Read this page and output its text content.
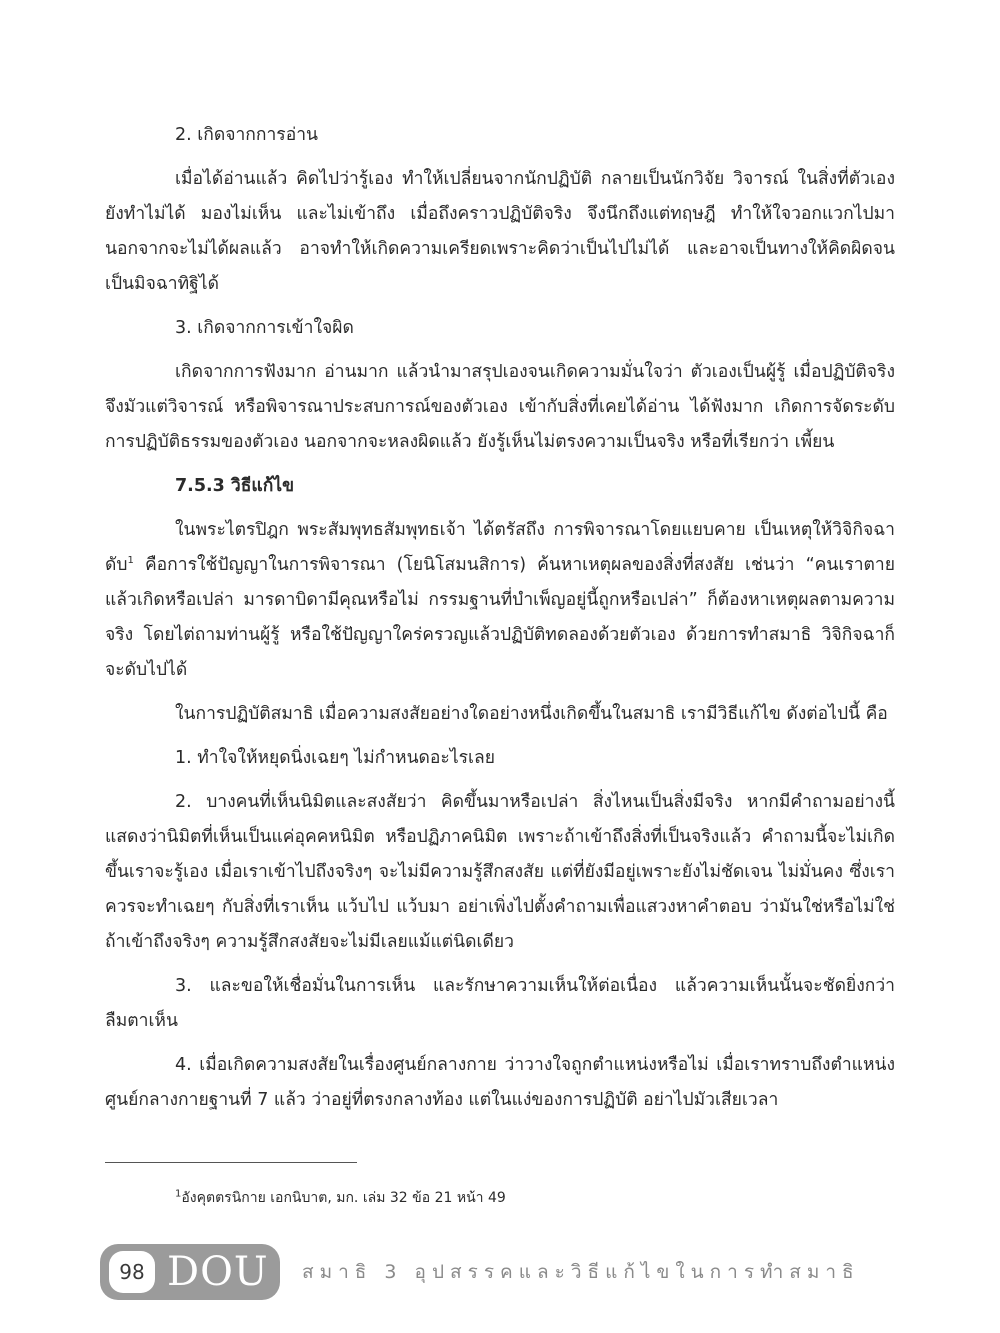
2. เกิดจากการอ่าน

เมื่อได้อ่านแล้ว คิดไปว่ารู้เอง ทำให้เปลี่ยนจากนักปฏิบัติ กลายเป็นนักวิจัย วิจารณ์ ในสิ่งที่ตัวเองยังทำไม่ได้ มองไม่เห็น และไม่เข้าถึง เมื่อถึงคราวปฏิบัติจริง จึงนึกถึงแต่ทฤษฎี ทำให้ใจวอกแวกไปมา นอกจากจะไม่ได้ผลแล้ว อาจทำให้เกิดความเครียดเพราะคิดว่าเป็นไปไม่ได้ และอาจเป็นทางให้คิดผิดจนเป็นมิจฉาทิฐิได้

3. เกิดจากการเข้าใจผิด

เกิดจากการฟังมาก อ่านมาก แล้วนำมาสรุปเองจนเกิดความมั่นใจว่า ตัวเองเป็นผู้รู้ เมื่อปฏิบัติจริงจึงมัวแต่วิจารณ์ หรือพิจารณาประสบการณ์ของตัวเอง เข้ากับสิ่งที่เคยได้อ่าน ได้ฟังมาก เกิดการจัดระดับการปฏิบัติธรรมของตัวเอง นอกจากจะหลงผิดแล้ว ยังรู้เห็นไม่ตรงความเป็นจริง หรือที่เรียกว่า เพี้ยน

7.5.3 วิธีแก้ไข

ในพระไตรปิฎก พระสัมพุทธสัมพุทธเจ้า ได้ตรัสถึง การพิจารณาโดยแยบคาย เป็นเหตุให้วิจิกิจฉาดับ$^1$ คือการใช้ปัญญาในการพิจารณา (โยนิโสมนสิการ) ค้นหาเหตุผลของสิ่งที่สงสัย เช่นว่า “คนเราตายแล้วเกิดหรือเปล่า มารดาบิดามีคุณหรือไม่ กรรมฐานที่บำเพ็ญอยู่นี้ถูกหรือเปล่า” ก็ต้องหาเหตุผลตามความจริง โดยไต่ถามท่านผู้รู้ หรือใช้ปัญญาใคร่ครวญแล้วปฏิบัติทดลองด้วยตัวเอง ด้วยการทำสมาธิ วิจิกิจฉาก็จะดับไปได้

ในการปฏิบัติสมาธิ เมื่อความสงสัยอย่างใดอย่างหนึ่งเกิดขึ้นในสมาธิ เรามีวิธีแก้ไข ดังต่อไปนี้ คือ

1. ทำใจให้หยุดนิ่งเฉยๆ ไม่กำหนดอะไรเลย

2. บางคนที่เห็นนิมิตและสงสัยว่า คิดขึ้นมาหรือเปล่า สิ่งไหนเป็นสิ่งมีจริง หากมีคำถามอย่างนี้แสดงว่านิมิตที่เห็นเป็นแค่อุคคหนิมิต หรือปฏิภาคนิมิต เพราะถ้าเข้าถึงสิ่งที่เป็นจริงแล้ว คำถามนี้จะไม่เกิดขึ้นเราจะรู้เอง เมื่อเราเข้าไปถึงจริงๆ จะไม่มีความรู้สึกสงสัย แต่ที่ยังมีอยู่เพราะยังไม่ชัดเจน ไม่มั่นคง ซึ่งเราควรจะทำเฉยๆ กับสิ่งที่เราเห็น แว้บไป แว้บมา อย่าเพิ่งไปตั้งคำถามเพื่อแสวงหาคำตอบ ว่ามันใช่หรือไม่ใช่ ถ้าเข้าถึงจริงๆ ความรู้สึกสงสัยจะไม่มีเลยแม้แต่นิดเดียว

3. และขอให้เชื่อมั่นในการเห็น และรักษาความเห็นให้ต่อเนื่อง แล้วความเห็นนั้นจะชัดยิ่งกว่าลืมตาเห็น

4. เมื่อเกิดความสงสัยในเรื่องศูนย์กลางกาย ว่าวางใจถูกตำแหน่งหรือไม่ เมื่อเราทราบถึงตำแหน่งศูนย์กลางกายฐานที่ 7 แล้ว ว่าอยู่ที่ตรงกลางท้อง แต่ในแง่ของการปฏิบัติ อย่าไปมัวเสียเวลา

$^1$อังคุตตรนิกาย เอกนิบาต, มก. เล่ม 32 ข้อ 21 หน้า 49
98 DOU สมาธิ 3 อุปสรรคและวิธีแก้ไขในการทำสมาธิ
